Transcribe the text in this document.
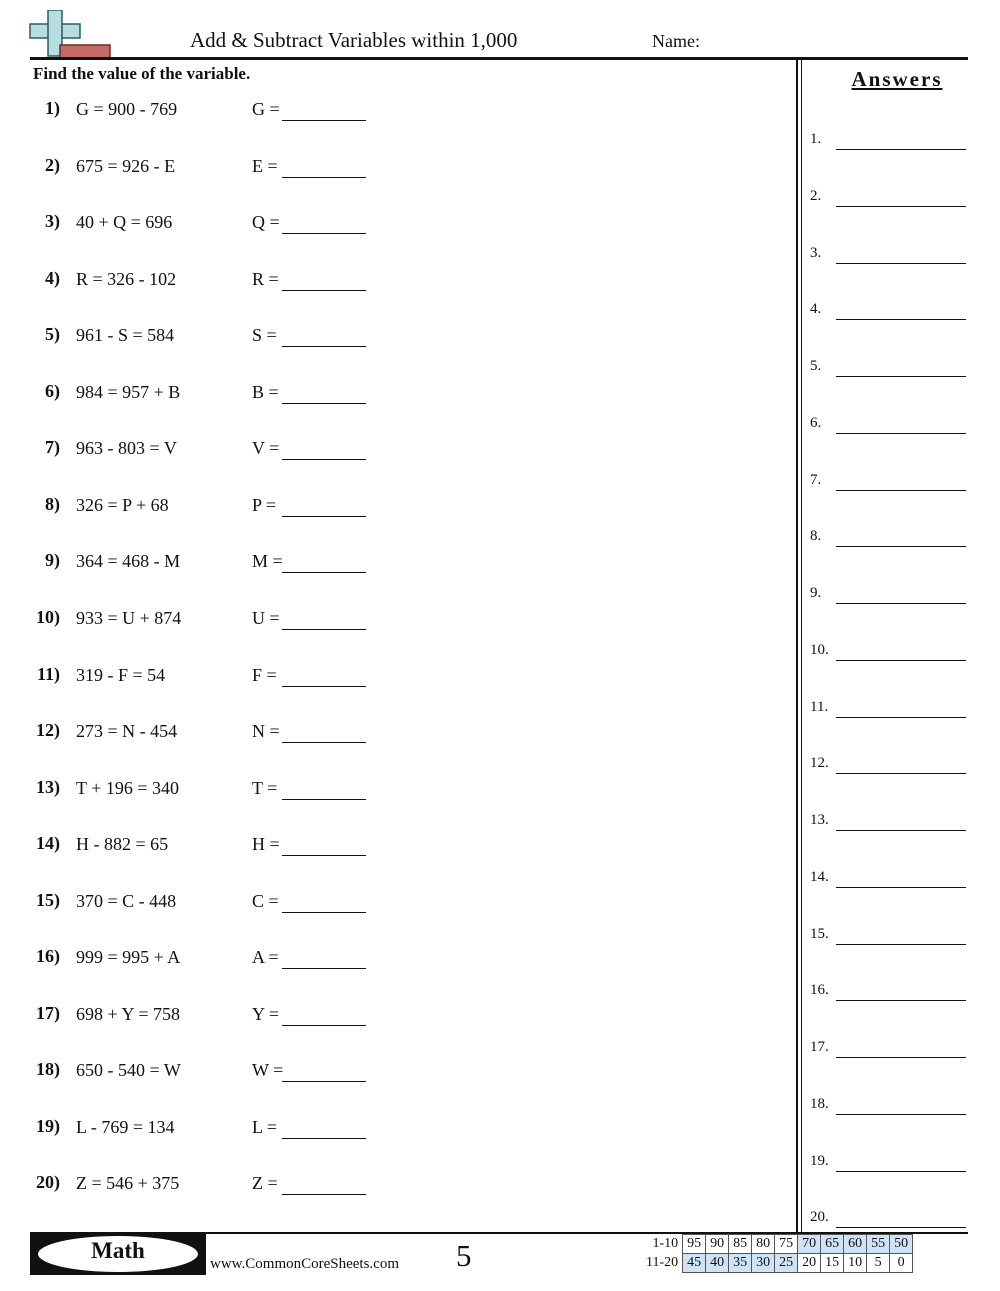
Add & Subtract Variables within 1,000	Name:
Find the value of the variable.
1) G = 900 - 769	G =
2) 675 = 926 - E	E =
3) 40 + Q = 696	Q =
4) R = 326 - 102	R =
5) 961 - S = 584	S =
6) 984 = 957 + B	B =
7) 963 - 803 = V	V =
8) 326 = P + 68	P =
9) 364 = 468 - M	M =
10) 933 = U + 874	U =
11) 319 - F = 54	F =
12) 273 = N - 454	N =
13) T + 196 = 340	T =
14) H - 882 = 65	H =
15) 370 = C - 448	C =
16) 999 = 995 + A	A =
17) 698 + Y = 758	Y =
18) 650 - 540 = W	W =
19) L - 769 = 134	L =
20) Z = 546 + 375	Z =
Answers
1.
2.
3.
4.
5.
6.
7.
8.
9.
10.
11.
12.
13.
14.
15.
16.
17.
18.
19.
20.
Math
www.CommonCoreSheets.com 5	1-10	95	90	85	80	75	70	65	60	55	50
11-20	45	40	35	30	25	20	15	10	5	0
